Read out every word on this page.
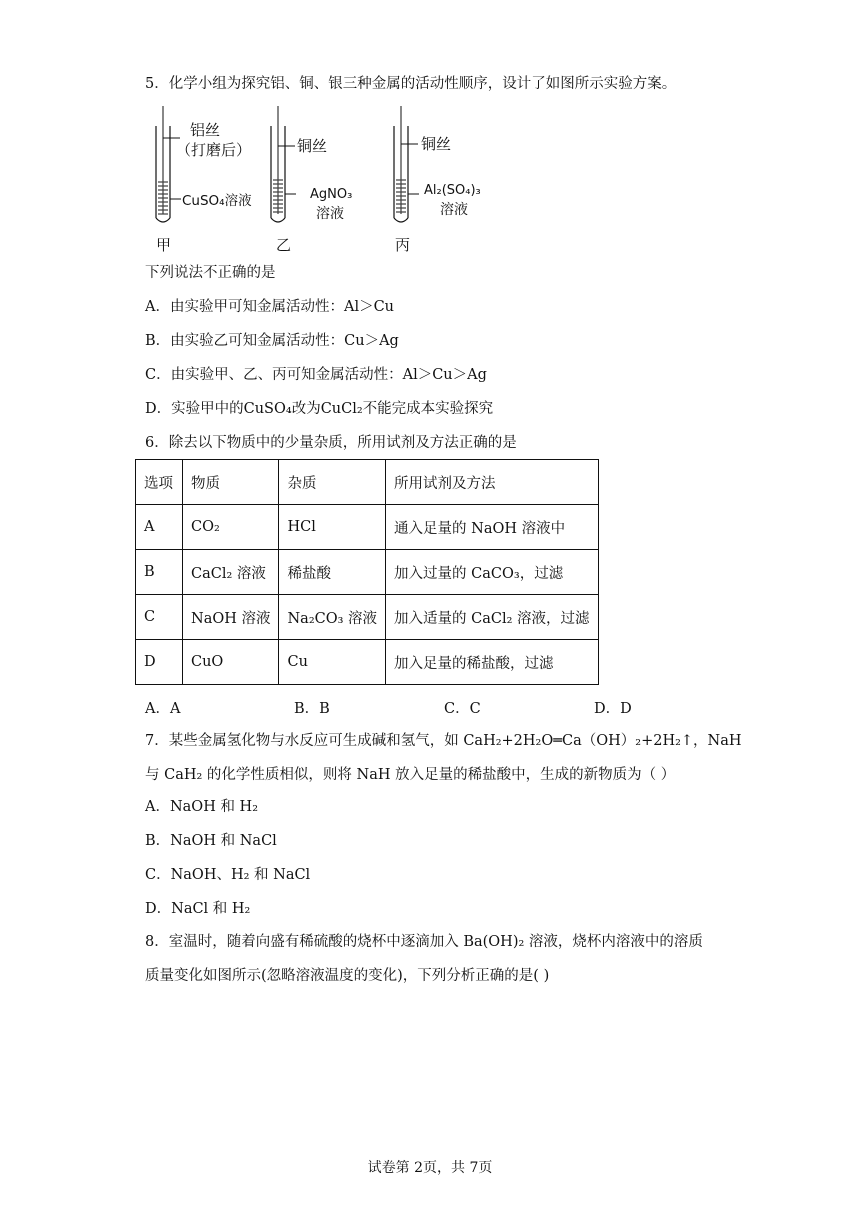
5．化学小组为探究铝、铜、银三种金属的活动性顺序，设计了如图所示实验方案。
铝丝
（打磨后）
CuSO₄溶液
甲
铜丝
AgNO₃
溶液
乙
铜丝
Al₂(SO₄)₃
溶液
丙
下列说法不正确的是
A．由实验甲可知金属活动性：Al＞Cu
B．由实验乙可知金属活动性：Cu＞Ag
C．由实验甲、乙、丙可知金属活动性：Al＞Cu＞Ag
D．实验甲中的CuSO₄改为CuCl₂不能完成本实验探究
6．除去以下物质中的少量杂质，所用试剂及方法正确的是
选项	物质	杂质	所用试剂及方法
A	CO₂	HCl	通入足量的 NaOH 溶液中
B	CaCl₂ 溶液	稀盐酸	加入过量的 CaCO₃，过滤
C	NaOH 溶液	Na₂CO₃ 溶液	加入适量的 CaCl₂ 溶液，过滤
D	CuO	Cu	加入足量的稀盐酸，过滤
A．A	B．B	C．C	D．D
7．某些金属氢化物与水反应可生成碱和氢气，如 CaH₂+2H₂O═Ca（OH）₂+2H₂↑，NaH
与 CaH₂ 的化学性质相似，则将 NaH 放入足量的稀盐酸中，生成的新物质为（ ）
A．NaOH 和 H₂
B．NaOH 和 NaCl
C．NaOH、H₂ 和 NaCl
D．NaCl 和 H₂
8．室温时，随着向盛有稀硫酸的烧杯中逐滴加入 Ba(OH)₂ 溶液，烧杯内溶液中的溶质
质量变化如图所示(忽略溶液温度的变化)，下列分析正确的是( )
试卷第 2页，共 7页
